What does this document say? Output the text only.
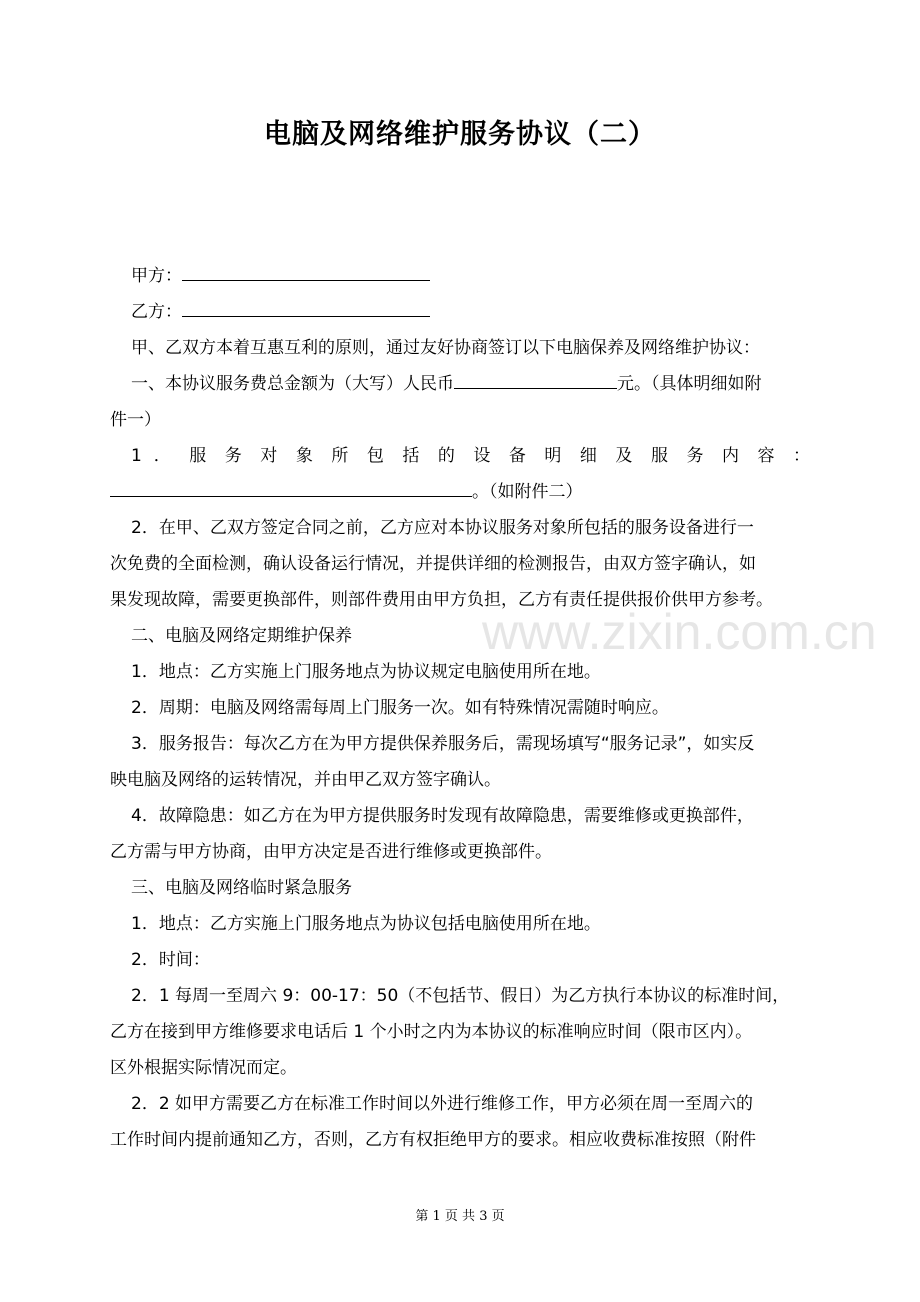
电脑及网络维护服务协议（二）
www.zixin.com.cn
甲方：
乙方：
甲、乙双方本着互惠互利的原则，通过友好协商签订以下电脑保养及网络维护协议：
一、本协议服务费总金额为（大写）人民币	元。（具体明细如附
件一）
1 ． 服 务 对 象 所 包 括 的 设 备 明 细 及 服 务 内 容 ：
。（如附件二）
2．在甲、乙双方签定合同之前，乙方应对本协议服务对象所包括的服务设备进行一
次免费的全面检测，确认设备运行情况，并提供详细的检测报告，由双方签字确认，如
果发现故障，需要更换部件，则部件费用由甲方负担，乙方有责任提供报价供甲方参考。
二、电脑及网络定期维护保养
1．地点：乙方实施上门服务地点为协议规定电脑使用所在地。
2．周期：电脑及网络需每周上门服务一次。如有特殊情况需随时响应。
3．服务报告：每次乙方在为甲方提供保养服务后，需现场填写“服务记录”，如实反
映电脑及网络的运转情况，并由甲乙双方签字确认。
4．故障隐患：如乙方在为甲方提供服务时发现有故障隐患，需要维修或更换部件，
乙方需与甲方协商，由甲方决定是否进行维修或更换部件。
三、电脑及网络临时紧急服务
1．地点：乙方实施上门服务地点为协议包括电脑使用所在地。
2．时间：
2．1 每周一至周六 9：00-17：50（不包括节、假日）为乙方执行本协议的标准时间，
乙方在接到甲方维修要求电话后 1 个小时之内为本协议的标准响应时间（限市区内）。
区外根据实际情况而定。
2．2 如甲方需要乙方在标准工作时间以外进行维修工作，甲方必须在周一至周六的
工作时间内提前通知乙方，否则，乙方有权拒绝甲方的要求。相应收费标准按照（附件
第 1 页 共 3 页
